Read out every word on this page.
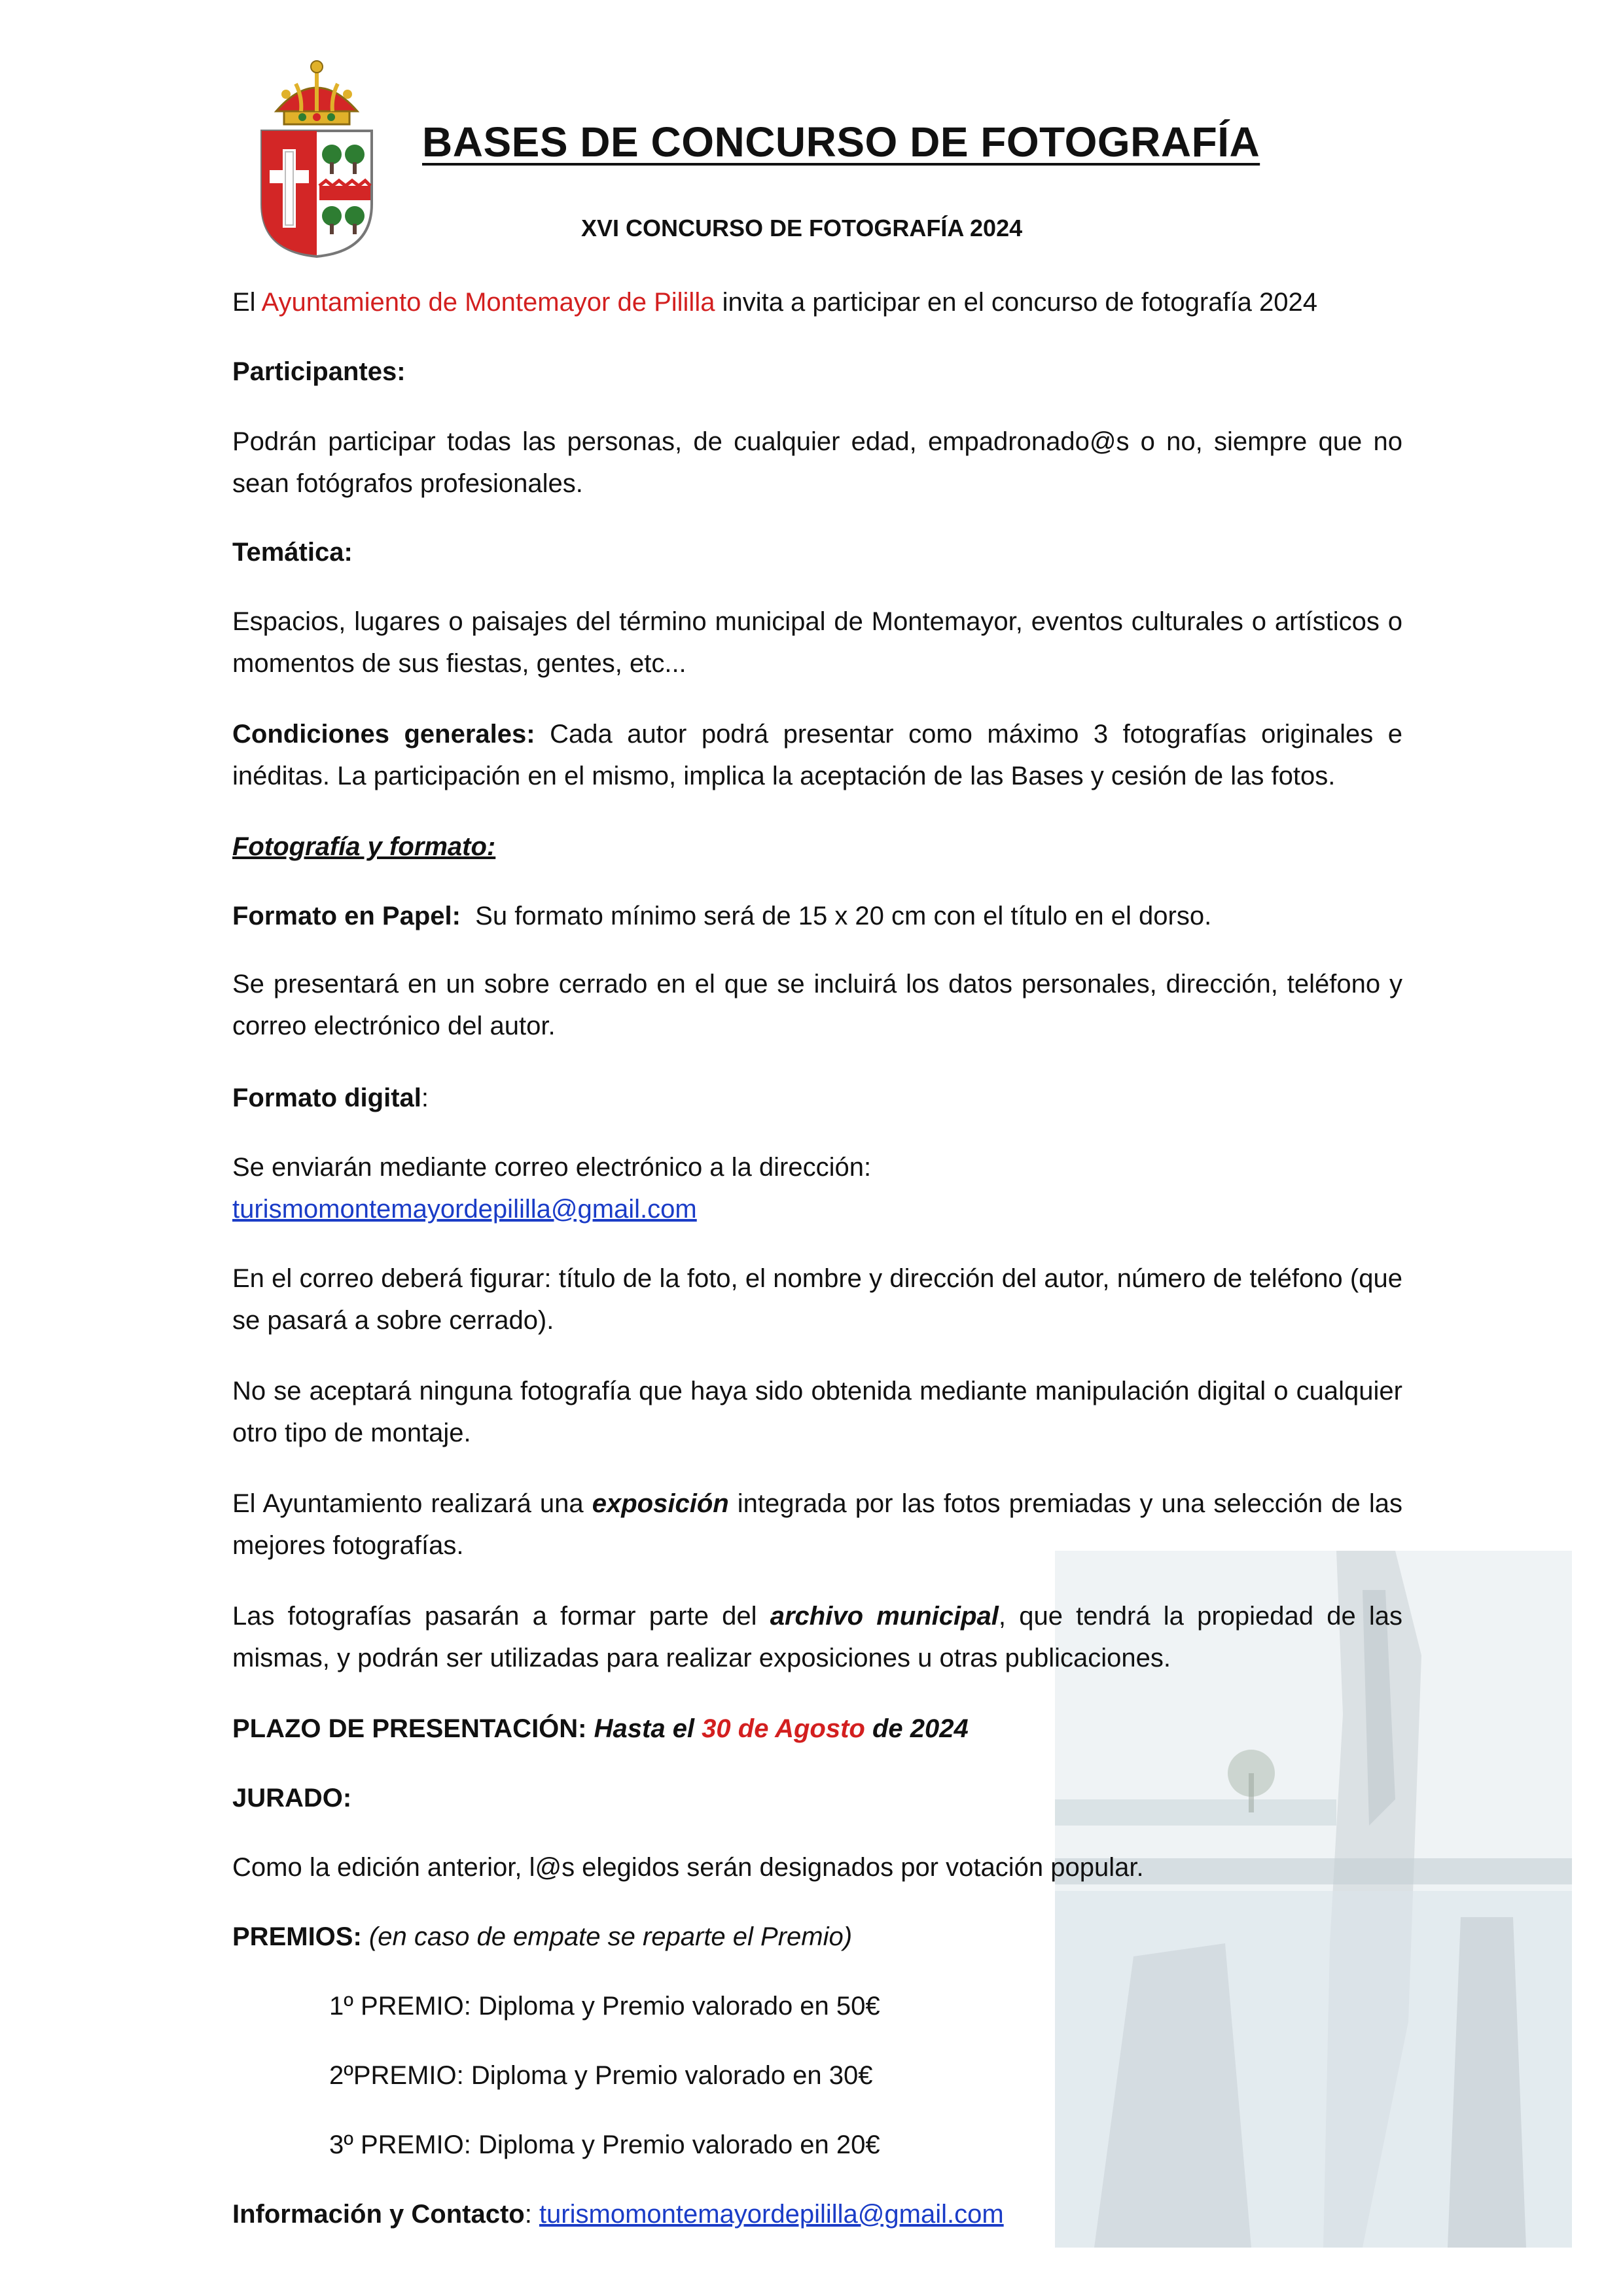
BASES DE CONCURSO DE FOTOGRAFÍA
XVI CONCURSO DE FOTOGRAFÍA 2024
El Ayuntamiento de Montemayor de Pililla invita a participar en el concurso de fotografía 2024
Participantes:
Podrán participar todas las personas, de cualquier edad, empadronado@s o no, siempre que no sean fotógrafos profesionales.
Temática:
Espacios, lugares o paisajes del término municipal de Montemayor, eventos culturales o artísticos o momentos de sus fiestas, gentes, etc...
Condiciones generales: Cada autor podrá presentar como máximo 3 fotografías originales e inéditas. La participación en el mismo, implica la aceptación de las Bases y cesión de las fotos.
Fotografía y formato:
Formato en Papel:  Su formato mínimo será de 15 x 20 cm con el título en el dorso.
Se presentará en un sobre cerrado en el que se incluirá los datos personales, dirección, teléfono y correo electrónico del autor.
Formato digital:
Se enviarán mediante correo electrónico a la dirección:
turismomontemayordepililla@gmail.com
En el correo deberá figurar: título de la foto, el nombre y dirección del autor, número de teléfono (que se pasará a sobre cerrado).
No se aceptará ninguna fotografía que haya sido obtenida mediante manipulación digital o cualquier otro tipo de montaje.
El Ayuntamiento realizará una exposición integrada por las fotos premiadas y una selección de las mejores fotografías.
Las fotografías pasarán a formar parte del archivo municipal, que tendrá la propiedad de las mismas, y podrán ser utilizadas para realizar exposiciones u otras publicaciones.
PLAZO DE PRESENTACIÓN: Hasta el 30 de Agosto de 2024
JURADO:
Como la edición anterior, l@s elegidos serán designados por votación popular.
PREMIOS: (en caso de empate se reparte el Premio)
1º PREMIO: Diploma y Premio valorado en 50€
2ºPREMIO: Diploma y Premio valorado en 30€
3º PREMIO: Diploma y Premio valorado en 20€
Información y Contacto: turismomontemayordepililla@gmail.com
